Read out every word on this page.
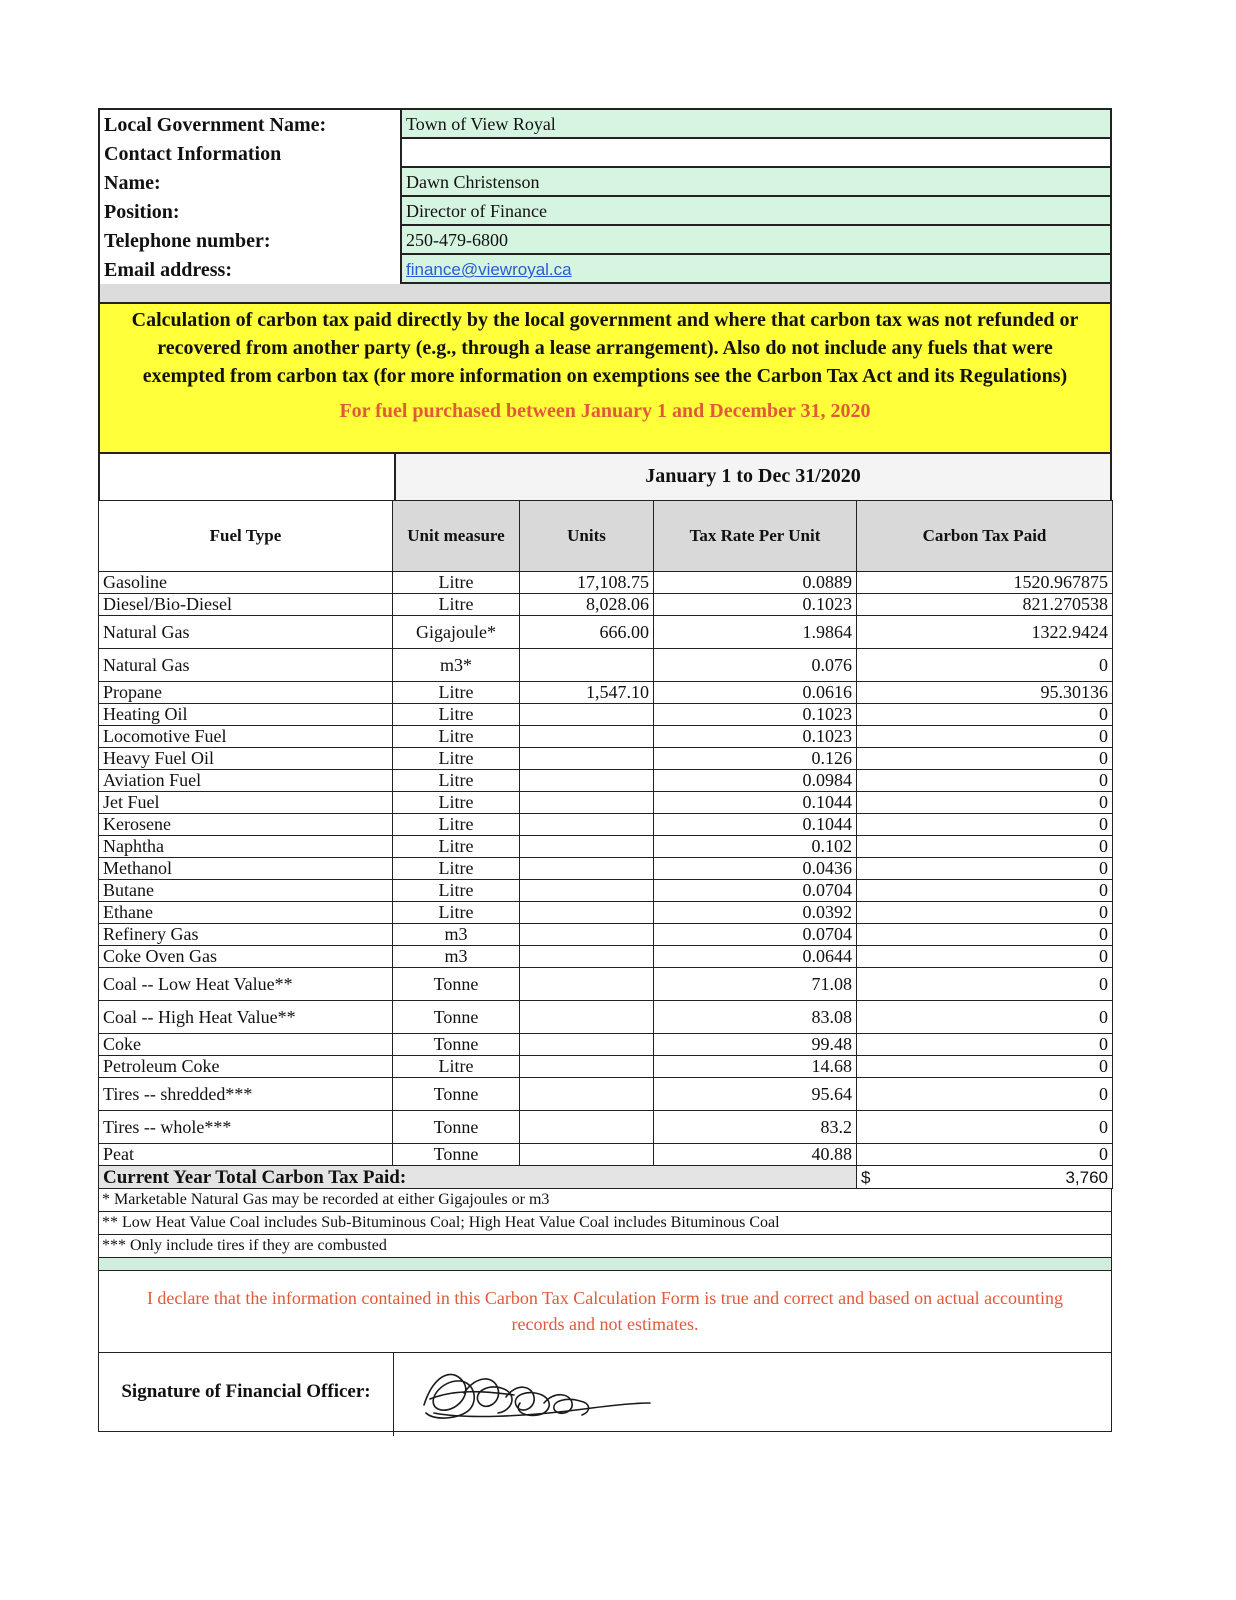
Local Government Name:	Town of View Royal
Contact Information
Name:	Dawn Christenson
Position:	Director of Finance
Telephone number:	250-479-6800
Email address:	finance@viewroyal.ca
Calculation of carbon tax paid directly by the local government and where that carbon tax was not refunded or recovered from another party (e.g., through a lease arrangement). Also do not include any fuels that were exempted from carbon tax (for more information on exemptions see the Carbon Tax Act and its Regulations)
For fuel purchased between January 1 and December 31, 2020
January 1 to Dec 31/2020
Fuel Type	Unit measure	Units	Tax Rate Per Unit	Carbon Tax Paid
Gasoline	Litre	17,108.75	0.0889	1520.967875
Diesel/Bio-Diesel	Litre	8,028.06	0.1023	821.270538
Natural Gas	Gigajoule*	666.00	1.9864	1322.9424
Natural Gas	m3*		0.076	0
Propane	Litre	1,547.10	0.0616	95.30136
Heating Oil	Litre		0.1023	0
Locomotive Fuel	Litre		0.1023	0
Heavy Fuel Oil	Litre		0.126	0
Aviation Fuel	Litre		0.0984	0
Jet Fuel	Litre		0.1044	0
Kerosene	Litre		0.1044	0
Naphtha	Litre		0.102	0
Methanol	Litre		0.0436	0
Butane	Litre		0.0704	0
Ethane	Litre		0.0392	0
Refinery Gas	m3		0.0704	0
Coke Oven Gas	m3		0.0644	0
Coal -- Low Heat Value**	Tonne		71.08	0
Coal -- High Heat Value**	Tonne		83.08	0
Coke	Tonne		99.48	0
Petroleum Coke	Litre		14.68	0
Tires -- shredded***	Tonne		95.64	0
Tires -- whole***	Tonne		83.2	0
Peat	Tonne		40.88	0
Current Year Total Carbon Tax Paid:				$ 3,760
* Marketable Natural Gas may be recorded at either Gigajoules or m3
** Low Heat Value Coal includes Sub-Bituminous Coal; High Heat Value Coal includes Bituminous Coal
*** Only include tires if they are combusted
I declare that the information contained in this Carbon Tax Calculation Form is true and correct and based on actual accounting records and not estimates.
Signature of Financial Officer:
